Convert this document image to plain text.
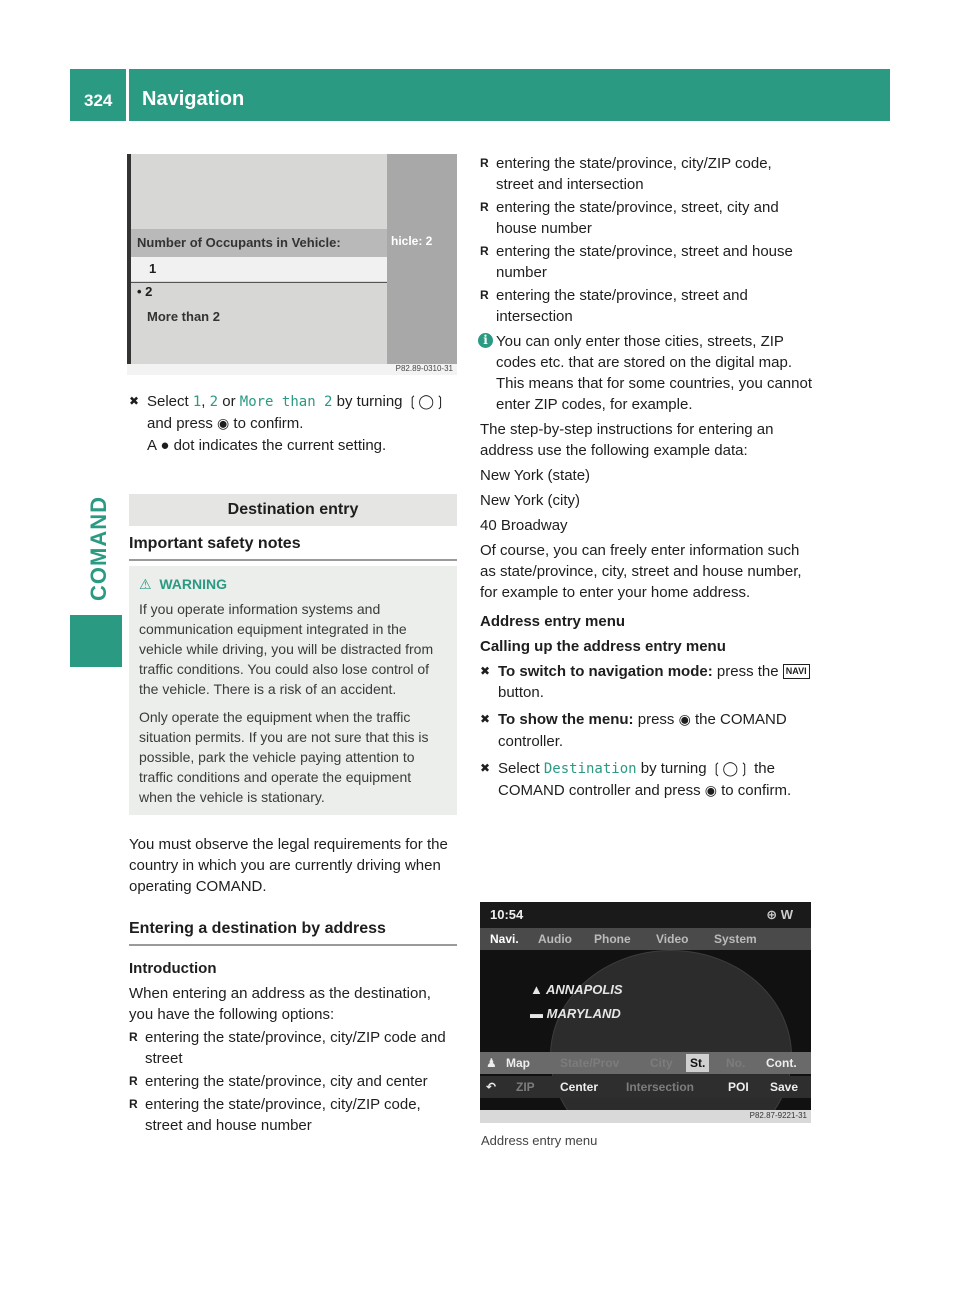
324 Navigation
COMAND
hicle: 2
Number of Occupants in Vehicle:
1
• 2
More than 2
P82.89-0310-31
✖ Select 1, 2 or More than 2 by turning ❲◯❳
and press ◉ to confirm.

A ● dot indicates the current setting.

Destination entry
Important safety notes
⚠ WARNING

If you operate information systems and communication equipment integrated in the vehicle while driving, you will be distracted from traffic conditions. You could also lose control of the vehicle. There is a risk of an accident.

Only operate the equipment when the traffic situation permits. If you are not sure that this is possible, park the vehicle paying attention to traffic conditions and operate the equipment when the vehicle is stationary.

You must observe the legal requirements for the country in which you are currently driving when operating COMAND.

Entering a destination by address

Introduction

When entering an address as the destination, you have the following options:

R entering the state/province, city/ZIP code and street
R entering the state/province, city and center
R entering the state/province, city/ZIP code, street and house number
R entering the state/province, city/ZIP code, street and intersection
R entering the state/province, street, city and house number
R entering the state/province, street and house number
R entering the state/province, street and intersection
i You can only enter those cities, streets, ZIP codes etc. that are stored on the digital map. This means that for some countries, you cannot enter ZIP codes, for example.

The step-by-step instructions for entering an address use the following example data:

New York (state)

New York (city)

40 Broadway

Of course, you can freely enter information such as state/province, city, street and house number, for example to enter your home address.

Address entry menu

Calling up the address entry menu

✖ To switch to navigation mode: press the NAVI button.
✖ To show the menu: press ◉ the COMAND controller.
✖ Select Destination by turning ❲◯❳ the COMAND controller and press ◉ to confirm.
10:54	⊕ W
Navi. Audio Phone Video System
▲ ANNAPOLIS
▬ MARYLAND
♟ Map	State/Prov	City	St.	No. Cont.
↶ ZIP Center Intersection	POI Save
P82.87-9221-31
Address entry menu
